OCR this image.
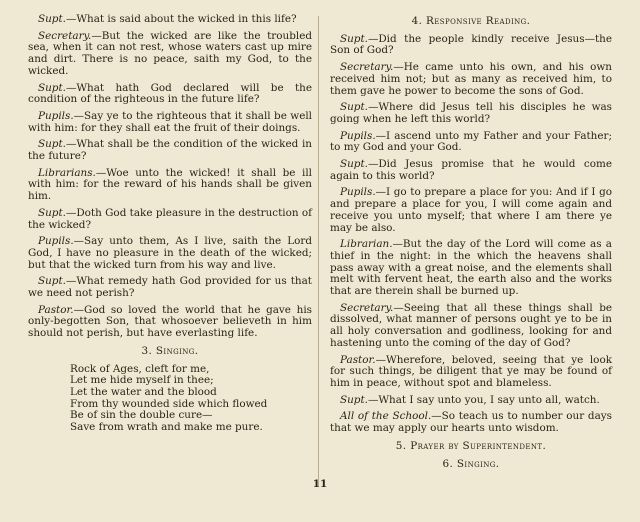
Supt.—What is said about the wicked in this life?

Secretary.—But the wicked are like the troubled sea, when it can not rest, whose waters cast up mire and dirt. There is no peace, saith my God, to the wicked.

Supt.—What hath God declared will be the condition of the righteous in the future life?

Pupils.—Say ye to the righteous that it shall be well with him: for they shall eat the fruit of their doings.

Supt.—What shall be the condition of the wicked in the future?

Librarians.—Woe unto the wicked! it shall be ill with him: for the reward of his hands shall be given him.

Supt.—Doth God take pleasure in the destruction of the wicked?

Pupils.—Say unto them, As I live, saith the Lord God, I have no pleasure in the death of the wicked; but that the wicked turn from his way and live.

Supt.—What remedy hath God provided for us that we need not perish?

Pastor.—God so loved the world that he gave his only-begotten Son, that whosoever believeth in him should not perish, but have everlasting life.

3. Singing.
Rock of Ages, cleft for me,
Let me hide myself in thee;
Let the water and the blood
From thy wounded side which flowed
Be of sin the double cure—
Save from wrath and make me pure.
4. Responsive Reading.

Supt.—Did the people kindly receive Jesus—the Son of God?

Secretary.—He came unto his own, and his own received him not; but as many as received him, to them gave he power to become the sons of God.

Supt.—Where did Jesus tell his disciples he was going when he left this world?

Pupils.—I ascend unto my Father and your Father; to my God and your God.

Supt.—Did Jesus promise that he would come again to this world?

Pupils.—I go to prepare a place for you: And if I go and prepare a place for you, I will come again and receive you unto myself; that where I am there ye may be also.

Librarian.—But the day of the Lord will come as a thief in the night: in the which the heavens shall pass away with a great noise, and the elements shall melt with fervent heat, the earth also and the works that are therein shall be burned up.

Secretary.—Seeing that all these things shall be dissolved, what manner of persons ought ye to be in all holy conversation and godliness, looking for and hastening unto the coming of the day of God?

Pastor.—Wherefore, beloved, seeing that ye look for such things, be diligent that ye may be found of him in peace, without spot and blameless.

Supt.—What I say unto you, I say unto all, watch.

All of the School.—So teach us to number our days that we may apply our hearts unto wisdom.

5. Prayer by Superintendent.
6. Singing.
11
